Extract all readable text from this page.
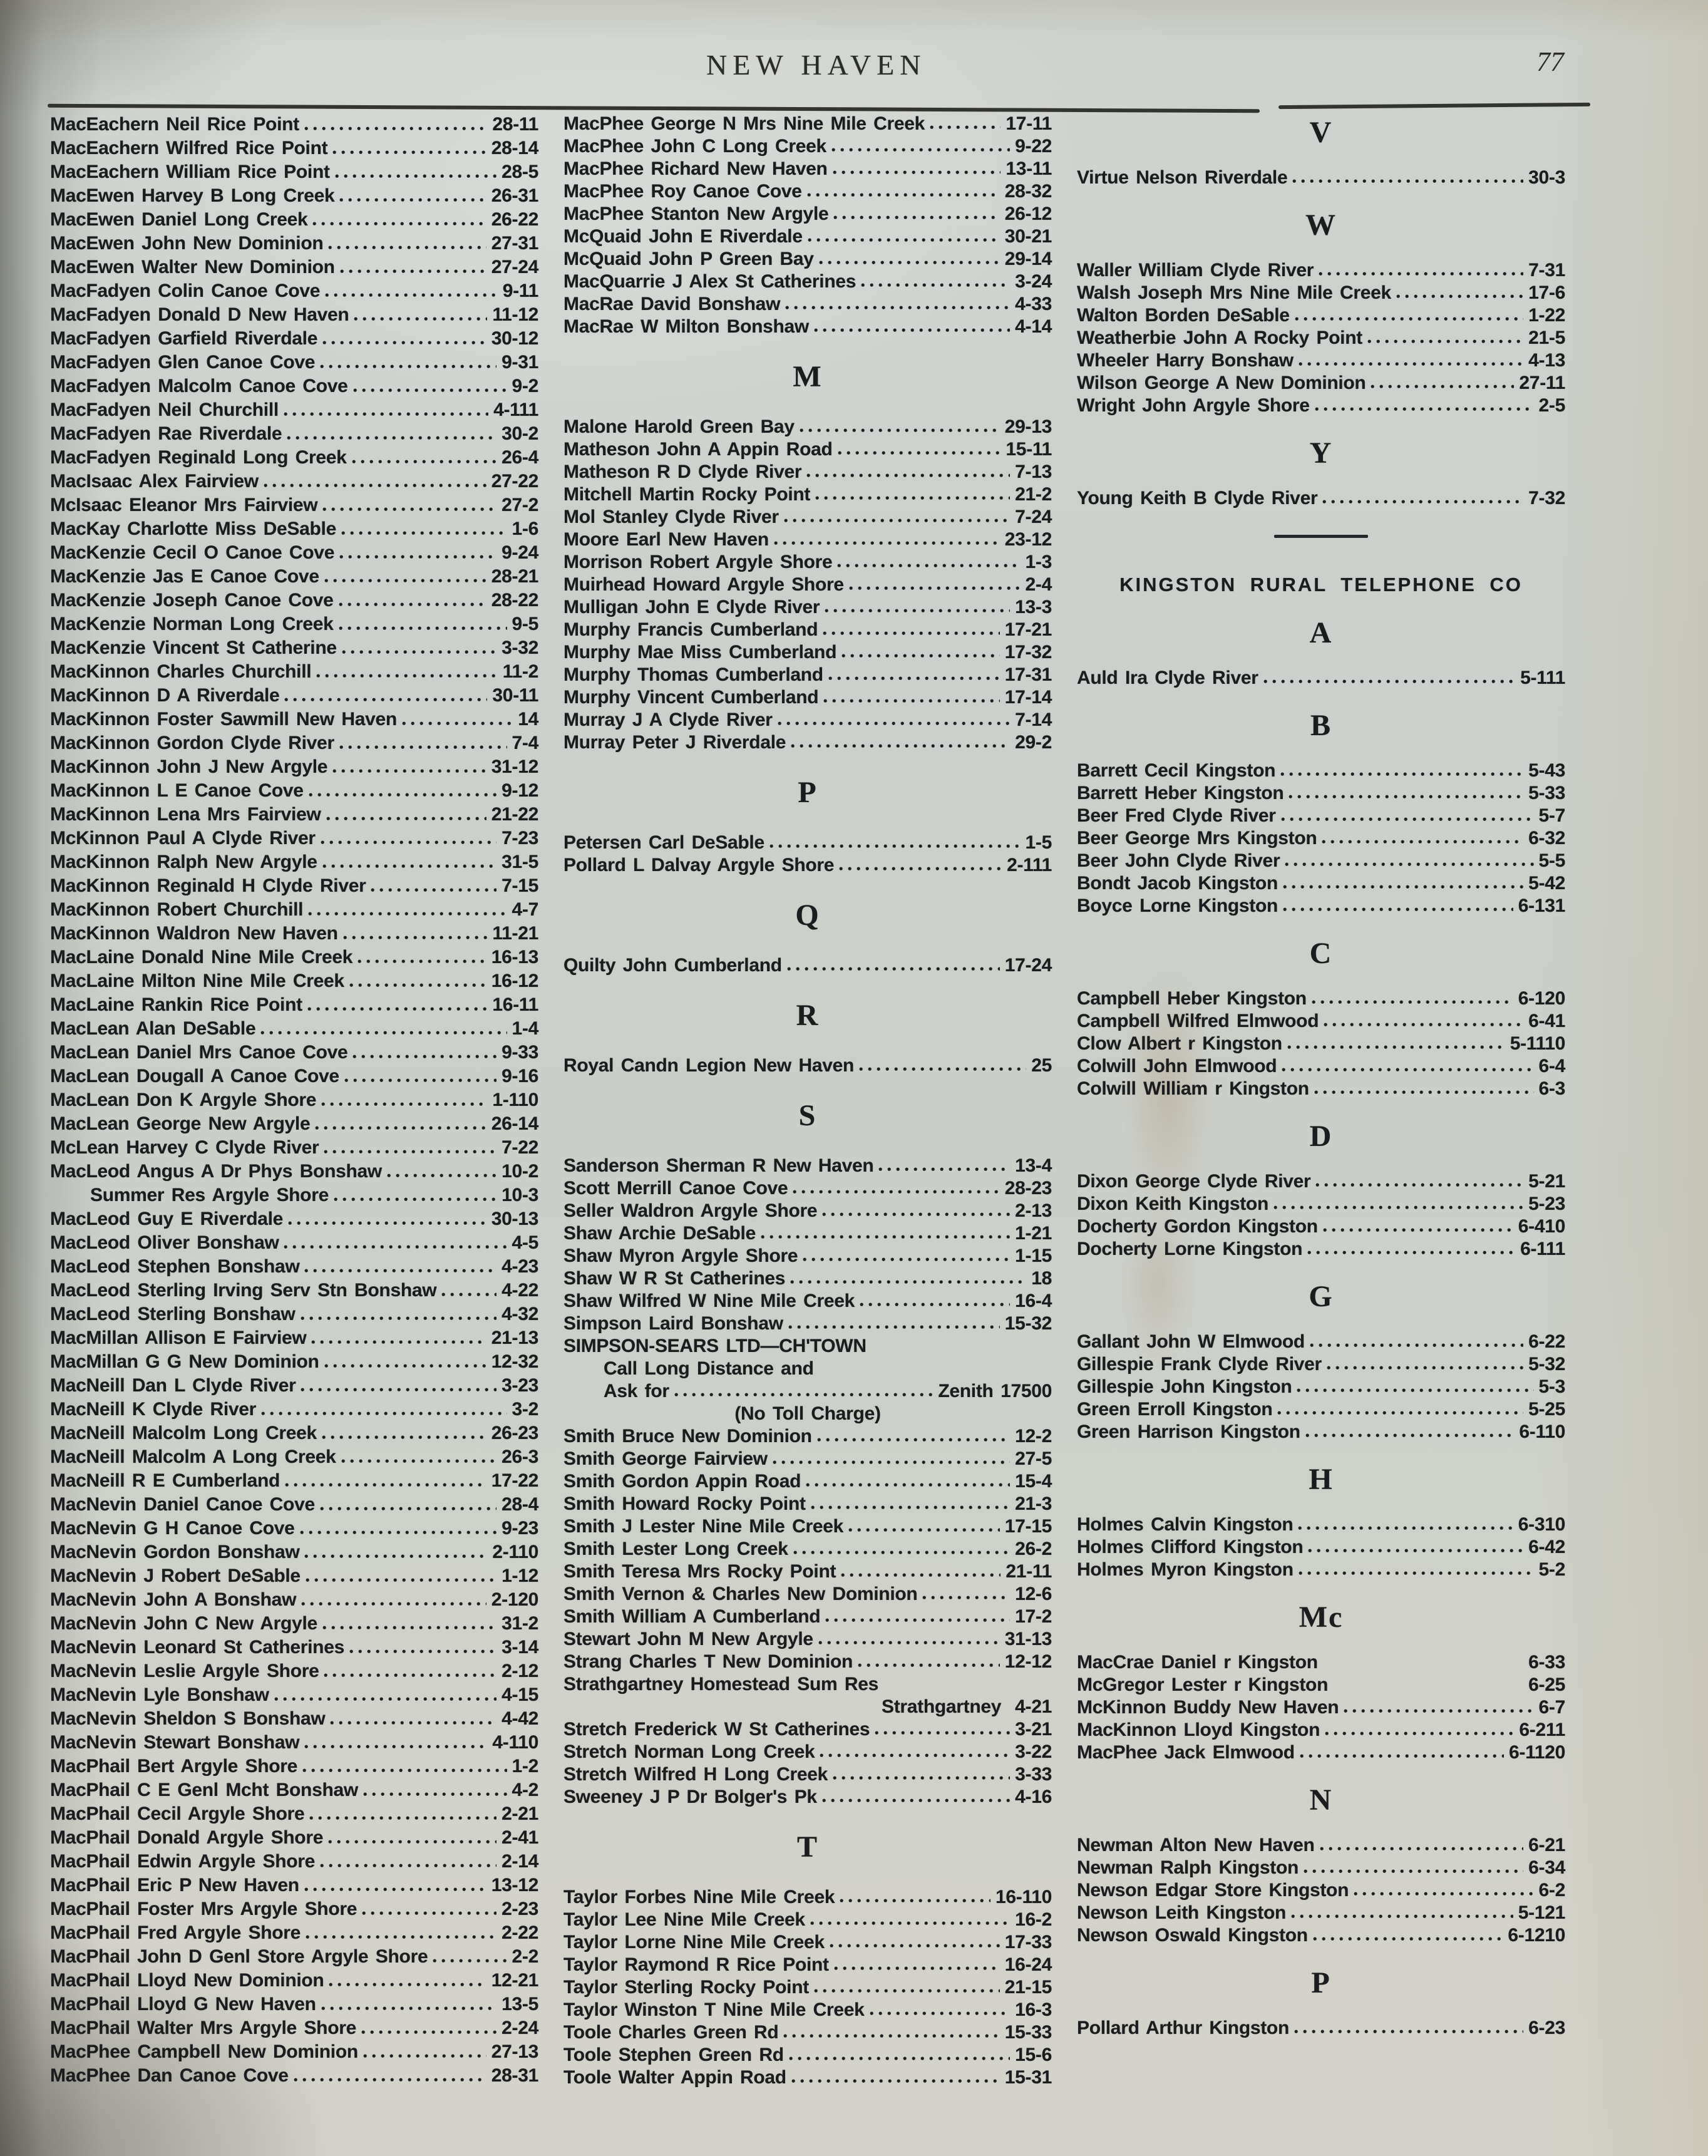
NEW HAVEN	77
MacEachern Neil Rice Point	28-11
MacEachern Wilfred Rice Point	28-14
MacEachern William Rice Point	28-5
MacEwen Harvey B Long Creek	26-31
MacEwen Daniel Long Creek	26-22
MacEwen John New Dominion	27-31
MacEwen Walter New Dominion	27-24
MacFadyen Colin Canoe Cove	9-11
MacFadyen Donald D New Haven	11-12
MacFadyen Garfield Riverdale	30-12
MacFadyen Glen Canoe Cove	9-31
MacFadyen Malcolm Canoe Cove	9-2
MacFadyen Neil Churchill	4-111
MacFadyen Rae Riverdale	30-2
MacFadyen Reginald Long Creek	26-4
MacIsaac Alex Fairview	27-22
McIsaac Eleanor Mrs Fairview	27-2
MacKay Charlotte Miss DeSable	1-6
MacKenzie Cecil O Canoe Cove	9-24
MacKenzie Jas E Canoe Cove	28-21
MacKenzie Joseph Canoe Cove	28-22
MacKenzie Norman Long Creek	9-5
MacKenzie Vincent St Catherine	3-32
MacKinnon Charles Churchill	11-2
MacKinnon D A Riverdale	30-11
MacKinnon Foster Sawmill New Haven	14
MacKinnon Gordon Clyde River	7-4
MacKinnon John J New Argyle	31-12
MacKinnon L E Canoe Cove	9-12
MacKinnon Lena Mrs Fairview	21-22
McKinnon Paul A Clyde River	7-23
MacKinnon Ralph New Argyle	31-5
MacKinnon Reginald H Clyde River	7-15
MacKinnon Robert Churchill	4-7
MacKinnon Waldron New Haven	11-21
MacLaine Donald Nine Mile Creek	16-13
MacLaine Milton Nine Mile Creek	16-12
MacLaine Rankin Rice Point	16-11
MacLean Alan DeSable	1-4
MacLean Daniel Mrs Canoe Cove	9-33
MacLean Dougall A Canoe Cove	9-16
MacLean Don K Argyle Shore	1-110
MacLean George New Argyle	26-14
McLean Harvey C Clyde River	7-22
MacLeod Angus A Dr Phys Bonshaw	10-2
Summer Res Argyle Shore	10-3
MacLeod Guy E Riverdale	30-13
MacLeod Oliver Bonshaw	4-5
MacLeod Stephen Bonshaw	4-23
MacLeod Sterling Irving Serv Stn Bonshaw	4-22
MacLeod Sterling Bonshaw	4-32
MacMillan Allison E Fairview	21-13
MacMillan G G New Dominion	12-32
MacNeill Dan L Clyde River	3-23
MacNeill K Clyde River	3-2
MacNeill Malcolm Long Creek	26-23
MacNeill Malcolm A Long Creek	26-3
MacNeill R E Cumberland	17-22
MacNevin Daniel Canoe Cove	28-4
MacNevin G H Canoe Cove	9-23
MacNevin Gordon Bonshaw	2-110
MacNevin J Robert DeSable	1-12
MacNevin John A Bonshaw	2-120
MacNevin John C New Argyle	31-2
MacNevin Leonard St Catherines	3-14
MacNevin Leslie Argyle Shore	2-12
MacNevin Lyle Bonshaw	4-15
MacNevin Sheldon S Bonshaw	4-42
MacNevin Stewart Bonshaw	4-110
MacPhail Bert Argyle Shore	1-2
MacPhail C E Genl Mcht Bonshaw	4-2
MacPhail Cecil Argyle Shore	2-21
MacPhail Donald Argyle Shore	2-41
MacPhail Edwin Argyle Shore	2-14
MacPhail Eric P New Haven	13-12
MacPhail Foster Mrs Argyle Shore	2-23
MacPhail Fred Argyle Shore	2-22
MacPhail John D Genl Store Argyle Shore	2-2
MacPhail Lloyd New Dominion	12-21
MacPhail Lloyd G New Haven	13-5
MacPhail Walter Mrs Argyle Shore	2-24
MacPhee Campbell New Dominion	27-13
MacPhee Dan Canoe Cove	28-31
MacPhee George N Mrs Nine Mile Creek	17-11
MacPhee John C Long Creek	9-22
MacPhee Richard New Haven	13-11
MacPhee Roy Canoe Cove	28-32
MacPhee Stanton New Argyle	26-12
McQuaid John E Riverdale	30-21
McQuaid John P Green Bay	29-14
MacQuarrie J Alex St Catherines	3-24
MacRae David Bonshaw	4-33
MacRae W Milton Bonshaw	4-14
M
Malone Harold Green Bay	29-13
Matheson John A Appin Road	15-11
Matheson R D Clyde River	7-13
Mitchell Martin Rocky Point	21-2
Mol Stanley Clyde River	7-24
Moore Earl New Haven	23-12
Morrison Robert Argyle Shore	1-3
Muirhead Howard Argyle Shore	2-4
Mulligan John E Clyde River	13-3
Murphy Francis Cumberland	17-21
Murphy Mae Miss Cumberland	17-32
Murphy Thomas Cumberland	17-31
Murphy Vincent Cumberland	17-14
Murray J A Clyde River	7-14
Murray Peter J Riverdale	29-2
P
Petersen Carl DeSable	1-5
Pollard L Dalvay Argyle Shore	2-111
Q
Quilty John Cumberland	17-24
R
Royal Candn Legion New Haven	25
S
Sanderson Sherman R New Haven	13-4
Scott Merrill Canoe Cove	28-23
Seller Waldron Argyle Shore	2-13
Shaw Archie DeSable	1-21
Shaw Myron Argyle Shore	1-15
Shaw W R St Catherines	18
Shaw Wilfred W Nine Mile Creek	16-4
Simpson Laird Bonshaw	15-32
SIMPSON-SEARS LTD—CH'TOWN
Call Long Distance and
Ask for	Zenith 17500
(No Toll Charge)
Smith Bruce New Dominion	12-2
Smith George Fairview	27-5
Smith Gordon Appin Road	15-4
Smith Howard Rocky Point	21-3
Smith J Lester Nine Mile Creek	17-15
Smith Lester Long Creek	26-2
Smith Teresa Mrs Rocky Point	21-11
Smith Vernon & Charles New Dominion	12-6
Smith William A Cumberland	17-2
Stewart John M New Argyle	31-13
Strang Charles T New Dominion	12-12
Strathgartney Homestead Sum Res
Strathgartney 4-21
Stretch Frederick W St Catherines	3-21
Stretch Norman Long Creek	3-22
Stretch Wilfred H Long Creek	3-33
Sweeney J P Dr Bolger's Pk	4-16
T
Taylor Forbes Nine Mile Creek	16-110
Taylor Lee Nine Mile Creek	16-2
Taylor Lorne Nine Mile Creek	17-33
Taylor Raymond R Rice Point	16-24
Taylor Sterling Rocky Point	21-15
Taylor Winston T Nine Mile Creek	16-3
Toole Charles Green Rd	15-33
Toole Stephen Green Rd	15-6
Toole Walter Appin Road	15-31
V
Virtue Nelson Riverdale	30-3
W
Waller William Clyde River	7-31
Walsh Joseph Mrs Nine Mile Creek	17-6
Walton Borden DeSable	1-22
Weatherbie John A Rocky Point	21-5
Wheeler Harry Bonshaw	4-13
Wilson George A New Dominion	27-11
Wright John Argyle Shore	2-5
Y
Young Keith B Clyde River	7-32
KINGSTON RURAL TELEPHONE CO
A
Auld Ira Clyde River	5-111
B
Barrett Cecil Kingston	5-43
Barrett Heber Kingston	5-33
Beer Fred Clyde River	5-7
Beer George Mrs Kingston	6-32
Beer John Clyde River	5-5
Bondt Jacob Kingston	5-42
Boyce Lorne Kingston	6-131
C
Campbell Heber Kingston	6-120
Campbell Wilfred Elmwood	6-41
Clow Albert r Kingston	5-1110
Colwill John Elmwood	6-4
Colwill William r Kingston	6-3
D
Dixon George Clyde River	5-21
Dixon Keith Kingston	5-23
Docherty Gordon Kingston	6-410
Docherty Lorne Kingston	6-111
G
Gallant John W Elmwood	6-22
Gillespie Frank Clyde River	5-32
Gillespie John Kingston	5-3
Green Erroll Kingston	5-25
Green Harrison Kingston	6-110
H
Holmes Calvin Kingston	6-310
Holmes Clifford Kingston	6-42
Holmes Myron Kingston	5-2
Mc
MacCrae Daniel r Kingston	6-33
McGregor Lester r Kingston	6-25
McKinnon Buddy New Haven	6-7
MacKinnon Lloyd Kingston	6-211
MacPhee Jack Elmwood	6-1120
N
Newman Alton New Haven	6-21
Newman Ralph Kingston	6-34
Newson Edgar Store Kingston	6-2
Newson Leith Kingston	5-121
Newson Oswald Kingston	6-1210
P
Pollard Arthur Kingston	6-23
